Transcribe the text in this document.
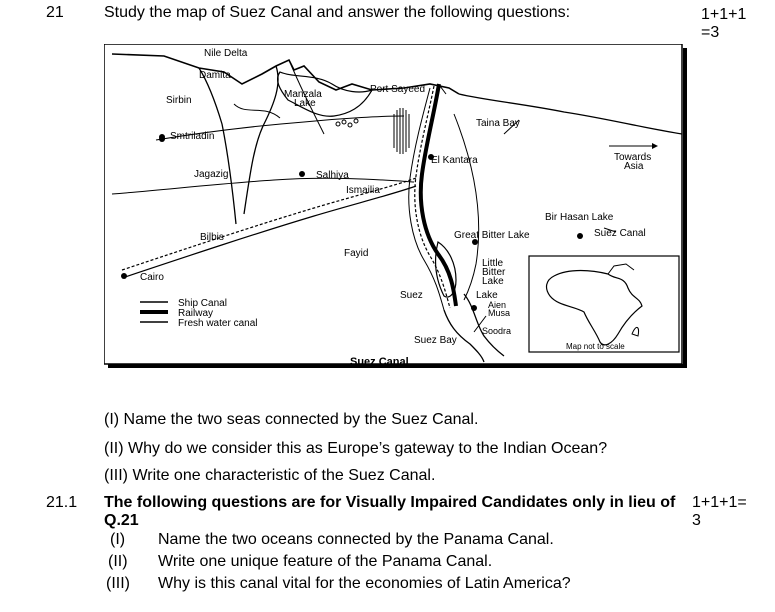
21	Study the map of Suez Canal and answer the following questions:	1+1+1
=3
Nile Delta
Damita
Sirbin
Manzala
Lake
Port Sayeed
Taina Bay
Smtriladin
El Kantara	Towards
Asia
Jagazig	Salhiya
Ismailia
Bir Hasan Lake
Bilbis	Great Bitter Lake	Suez Canal
Fayid
Little
Bitter
Lake
Cairo
Suez	Lake
Aien
Musa
Soodra
Suez Bay
Map not to scale
Ship Canal
Railway
Fresh water canal
Suez Canal
(I) Name the two seas connected by the Suez Canal.
(II) Why do we consider this as Europe’s gateway to the Indian Ocean?
(III) Write one characteristic of the Suez Canal.
21.1 The following questions are for Visually Impaired Candidates only in lieu of
Q.21
1+1+1=
3
(I) Name the two oceans connected by the Panama Canal.
(II) Write one unique feature of the Panama Canal.
(III) Why is this canal vital for the economies of Latin America?
